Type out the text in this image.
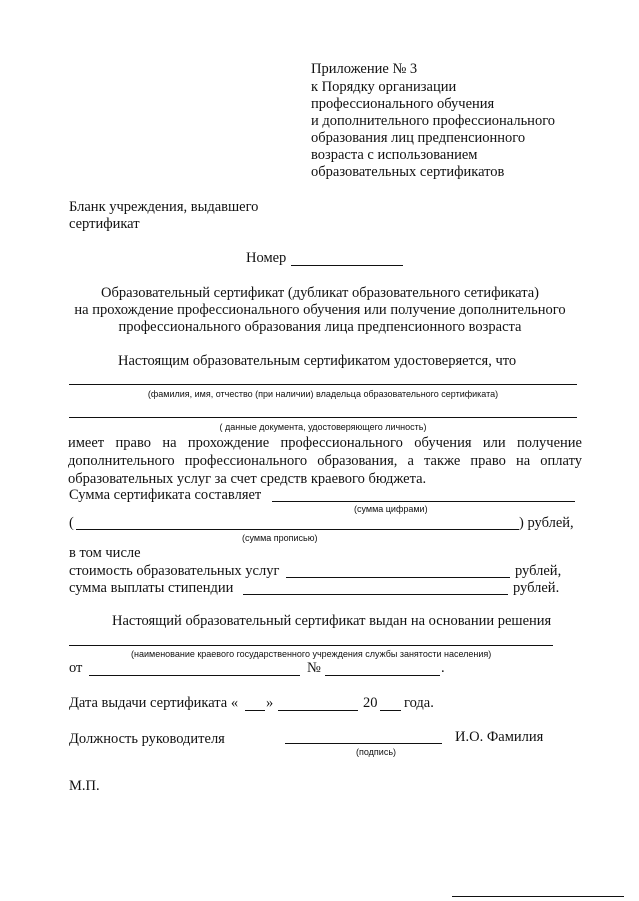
Приложение № 3
к Порядку организации
профессионального обучения
и дополнительного профессионального
образования лиц предпенсионного
возраста с использованием
образовательных сертификатов
Бланк учреждения, выдавшего
сертификат
Номер
Образовательный сертификат (дубликат образовательного сетификата)
на прохождение профессионального обучения или получение дополнительного
профессионального образования лица предпенсионного возраста
Настоящим образовательным сертификатом удостоверяется, что
(фамилия, имя, отчество (при наличии) владельца образовательного сертификата)
( данные документа, удостоверяющего личность)
имеет право на прохождение профессионального обучения или получение
дополнительного профессионального образования, а также право на оплату
образовательных услуг за счет средств краевого бюджета.
Сумма сертификата составляет
(сумма цифрами)
(	) рублей,
(сумма прописью)
в том числе
стоимость образовательных услуг	рублей,
сумма выплаты стипендии	рублей.
Настоящий образовательный сертификат выдан на основании решения
(наименование краевого государственного учреждения службы занятости населения)
от	№	.
Дата выдачи сертификата « »	20 года.
Должность руководителя
(подпись)
И.О. Фамилия
М.П.
